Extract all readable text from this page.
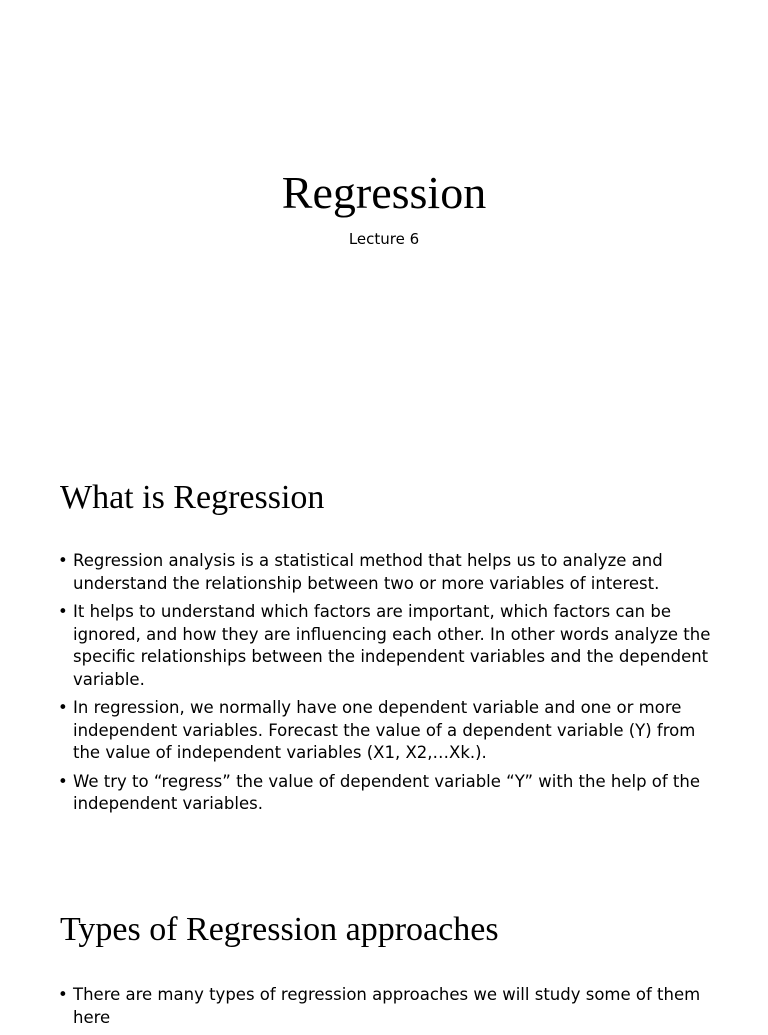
Regression
Lecture 6
What is Regression
• Regression analysis is a statistical method that helps us to analyze and understand the relationship between two or more variables of interest.
• It helps to understand which factors are important, which factors can be ignored, and how they are influencing each other. In other words analyze the specific relationships between the independent variables and the dependent variable.
• In regression, we normally have one dependent variable and one or more independent variables. Forecast the value of a dependent variable (Y) from the value of independent variables (X1, X2,…Xk.).
• We try to “regress” the value of dependent variable “Y” with the help of the independent variables.
Types of Regression approaches
• There are many types of regression approaches we will study some of them here
